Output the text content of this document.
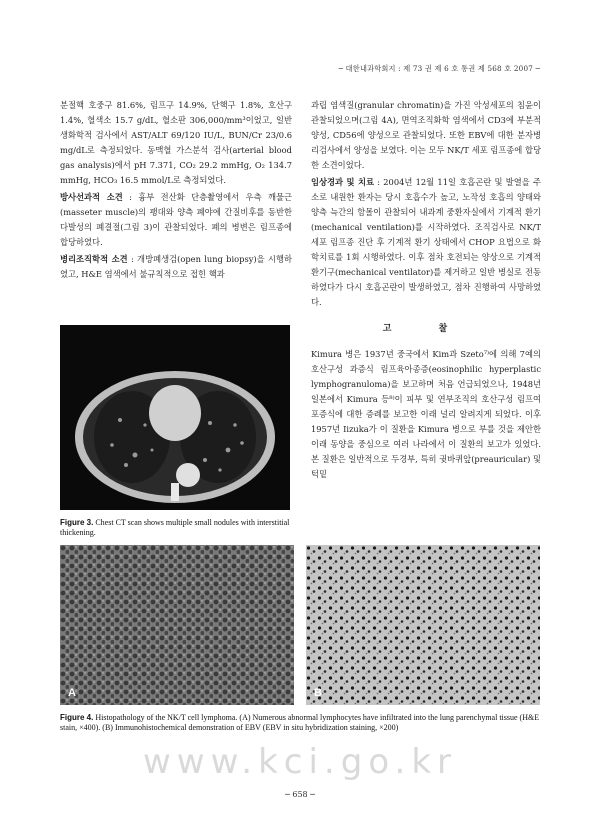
─ 대한내과학회지 : 제 73 권 제 6 호 통권 제 568 호 2007 ─

분절핵 호중구 81.6%, 림프구 14.9%, 단핵구 1.8%, 호산구 1.4%, 혈색소 15.7 g/dL, 혈소판 306,000/mm³이었고, 일반 생화학적 검사에서 AST/ALT 69/120 IU/L, BUN/Cr 23/0.6 mg/dL로 측정되었다. 동맥혈 가스분석 검사(arterial blood gas analysis)에서 pH 7.371, CO₂ 29.2 mmHg, O₂ 134.7 mmHg, HCO₃ 16.5 mmol/L로 측정되었다.

방사선과적 소견 : 흉부 전산화 단층촬영에서 우측 깨물근(masseter muscle)의 팽대와 양측 폐야에 간질비후를 동반한 다발성의 폐결절(그림 3)이 관찰되었다. 폐의 병변은 림프종에 합당하였다.

병리조직학적 소견 : 개방폐생검(open lung biopsy)을 시행하였고, H&E 염색에서 불규칙적으로 접힌 핵과

Figure 3. Chest CT scan shows multiple small nodules with interstitial thickening.

과립 염색질(granular chromatin)을 가진 악성세포의 침윤이 관찰되었으며(그림 4A), 면역조직화학 염색에서 CD3에 부분적 양성, CD56에 양성으로 관찰되었다. 또한 EBV에 대한 분자병리검사에서 양성을 보였다. 이는 모두 NK/T 세포 림프종에 합당한 소견이었다.

임상경과 및 치료 : 2004년 12월 11일 호흡곤란 및 발열을 주소로 내원한 환자는 당시 호흡수가 높고, 노작성 호흡의 양태와 양측 늑간의 함몰이 관찰되어 내과계 중환자실에서 기계적 환기(mechanical ventilation)를 시작하였다. 조직검사로 NK/T 세포 림프종 진단 후 기계적 환기 상태에서 CHOP 요법으로 화학치료를 1회 시행하였다. 이후 점차 호전되는 양상으로 기계적 환기구(mechanical ventilator)를 제거하고 일반 병실로 전동하였다가 다시 호흡곤란이 발생하였고, 점차 진행하여 사망하였다.

고 찰

Kimura 병은 1937년 중국에서 Kim과 Szeto⁷⁾에 의해 7예의 호산구성 과증식 림프육아종증(eosinophilic hyperplastic lymphogranuloma)을 보고하며 처음 언급되었으나, 1948년 일본에서 Kimura 등⁸⁾이 피부 및 연부조직의 호산구성 림프여포증식에 대한 증례를 보고한 이래 널리 알려지게 되었다. 이후 1957년 Iizuka가 이 질환을 Kimura 병으로 부를 것을 제안한 이래 동양을 중심으로 여러 나라에서 이 질환의 보고가 있었다. 본 질환은 일반적으로 두경부, 특히 귓바퀴앞(preauricular) 및 턱밑

A	B
Figure 4. Histopathology of the NK/T cell lymphoma. (A) Numerous abnormal lymphocytes have infiltrated into the lung parenchymal tissue (H&E stain, ×400). (B) Immunohistochemical demonstration of EBV (EBV in situ hybridization staining, ×200)
www.kci.go.kr
─ 658 ─
